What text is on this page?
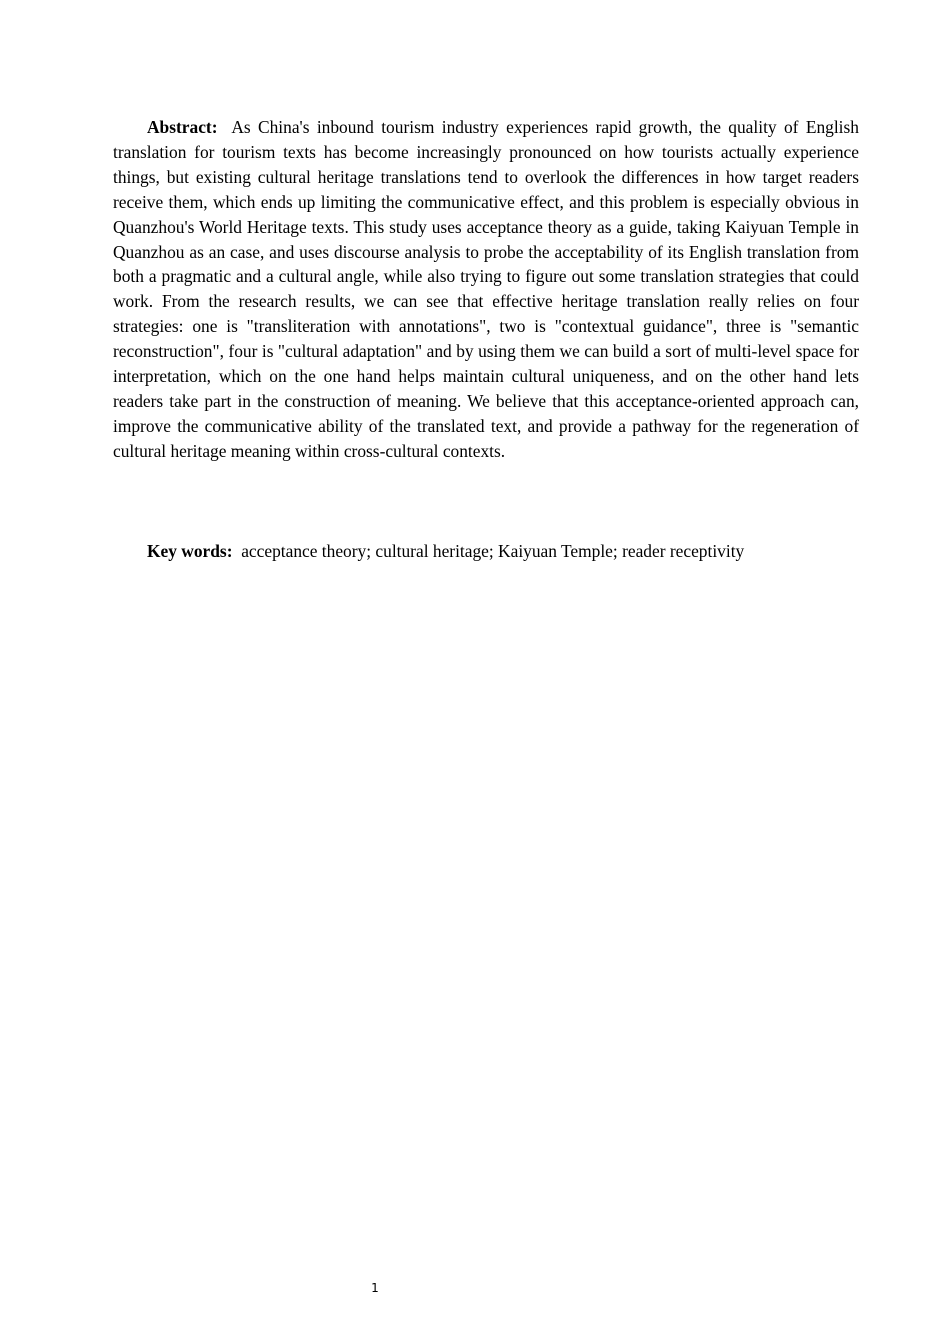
Abstract: As China's inbound tourism industry experiences rapid growth, the quality of English translation for tourism texts has become increasingly pronounced on how tourists actually experience things, but existing cultural heritage translations tend to overlook the differences in how target readers receive them, which ends up limiting the communicative effect, and this problem is especially obvious in Quanzhou's World Heritage texts. This study uses acceptance theory as a guide, taking Kaiyuan Temple in Quanzhou as an case, and uses discourse analysis to probe the acceptability of its English translation from both a pragmatic and a cultural angle, while also trying to figure out some translation strategies that could work. From the research results, we can see that effective heritage translation really relies on four strategies: one is "transliteration with annotations", two is "contextual guidance", three is "semantic reconstruction", four is "cultural adaptation" and by using them we can build a sort of multi-level space for interpretation, which on the one hand helps maintain cultural uniqueness, and on the other hand lets readers take part in the construction of meaning. We believe that this acceptance-oriented approach can, improve the communicative ability of the translated text, and provide a pathway for the regeneration of cultural heritage meaning within cross-cultural contexts.

Key words: acceptance theory; cultural heritage; Kaiyuan Temple; reader receptivity

1
